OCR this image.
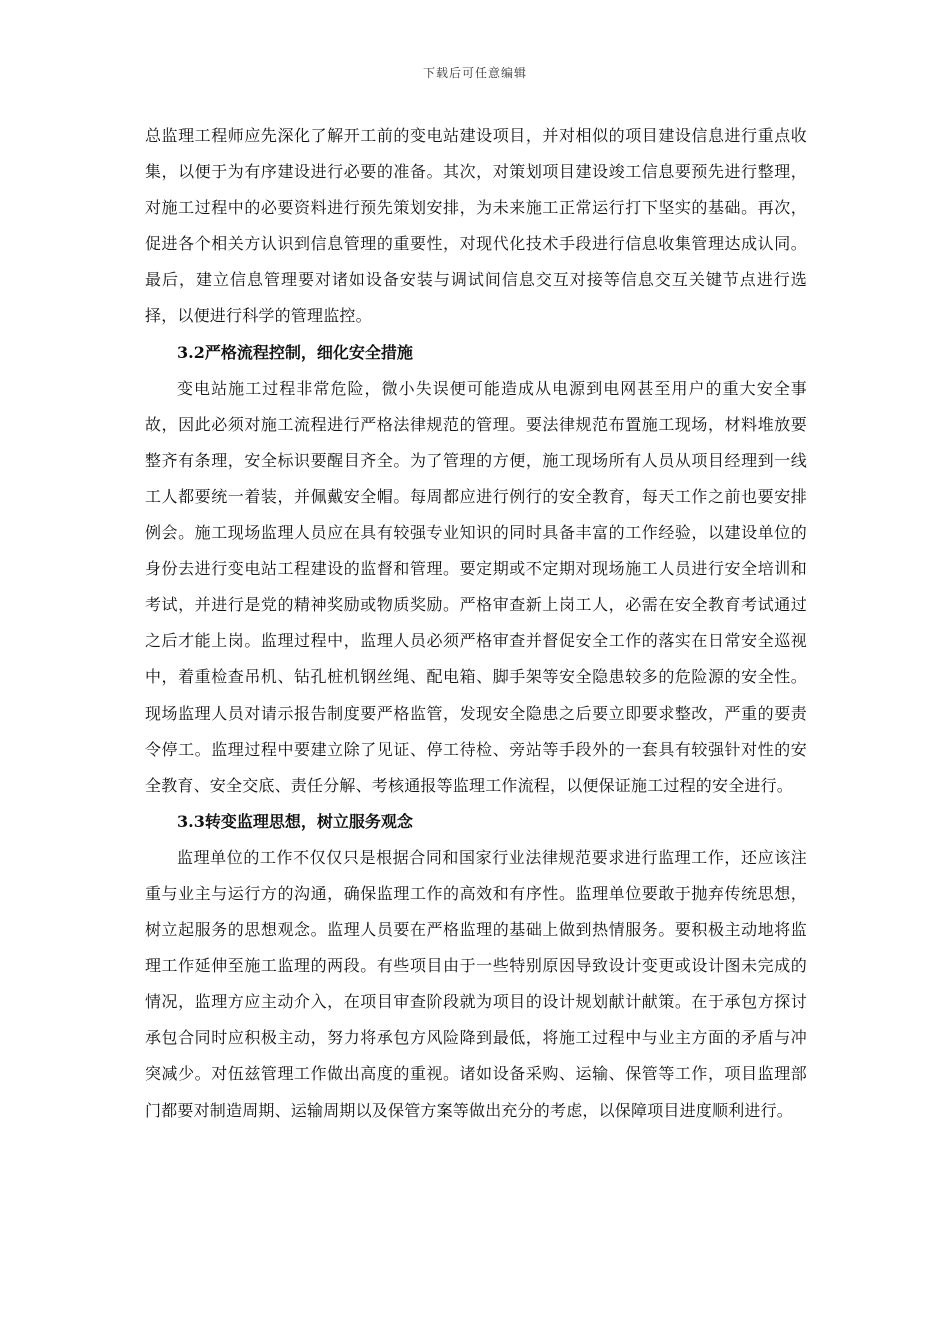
下载后可任意编辑

总监理工程师应先深化了解开工前的变电站建设项目，并对相似的项目建设信息进行重点收集，以便于为有序建设进行必要的准备。其次，对策划项目建设竣工信息要预先进行整理，对施工过程中的必要资料进行预先策划安排，为未来施工正常运行打下坚实的基础。再次，促进各个相关方认识到信息管理的重要性，对现代化技术手段进行信息收集管理达成认同。最后，建立信息管理要对诸如设备安装与调试间信息交互对接等信息交互关键节点进行选择，以便进行科学的管理监控。

3.2严格流程控制，细化安全措施

变电站施工过程非常危险，微小失误便可能造成从电源到电网甚至用户的重大安全事故，因此必须对施工流程进行严格法律规范的管理。要法律规范布置施工现场，材料堆放要整齐有条理，安全标识要醒目齐全。为了管理的方便，施工现场所有人员从项目经理到一线工人都要统一着装，并佩戴安全帽。每周都应进行例行的安全教育，每天工作之前也要安排例会。施工现场监理人员应在具有较强专业知识的同时具备丰富的工作经验，以建设单位的身份去进行变电站工程建设的监督和管理。要定期或不定期对现场施工人员进行安全培训和考试，并进行是党的精神奖励或物质奖励。严格审查新上岗工人，必需在安全教育考试通过之后才能上岗。监理过程中，监理人员必须严格审查并督促安全工作的落实在日常安全巡视中，着重检查吊机、钻孔桩机钢丝绳、配电箱、脚手架等安全隐患较多的危险源的安全性。现场监理人员对请示报告制度要严格监管，发现安全隐患之后要立即要求整改，严重的要责令停工。监理过程中要建立除了见证、停工待检、旁站等手段外的一套具有较强针对性的安全教育、安全交底、责任分解、考核通报等监理工作流程，以便保证施工过程的安全进行。

3.3转变监理思想，树立服务观念

监理单位的工作不仅仅只是根据合同和国家行业法律规范要求进行监理工作，还应该注重与业主与运行方的沟通，确保监理工作的高效和有序性。监理单位要敢于抛弃传统思想， 树立起服务的思想观念。监理人员要在严格监理的基础上做到热情服务。要积极主动地将监理工作延伸至施工监理的两段。有些项目由于一些特别原因导致设计变更或设计图未完成的情况，监理方应主动介入，在项目审查阶段就为项目的设计规划献计献策。在于承包方探讨承包合同时应积极主动，努力将承包方风险降到最低，将施工过程中与业主方面的矛盾与冲突减少。对伍兹管理工作做出高度的重视。诸如设备采购、运输、保管等工作，项目监理部门都要对制造周期、运输周期以及保管方案等做出充分的考虑，以保障项目进度顺利进行。
